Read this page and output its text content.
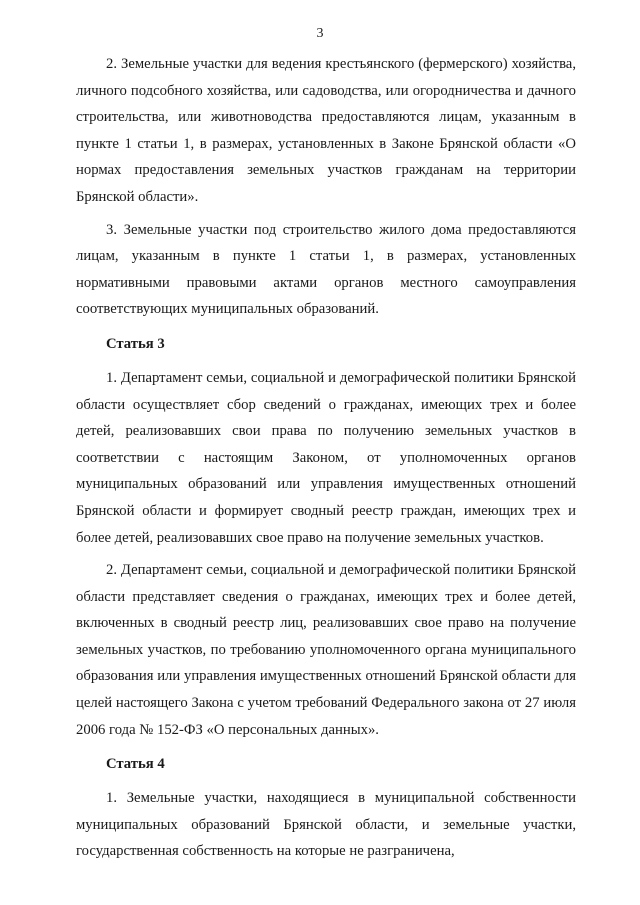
3

2. Земельные участки для ведения крестьянского (фермерского) хозяйства, личного подсобного хозяйства, или садоводства, или огородничества и дачного строительства, или животноводства предоставляются лицам, указанным в пункте 1 статьи 1, в размерах, установленных в Законе Брянской области «О нормах предоставления земельных участков гражданам на территории Брянской области».

3. Земельные участки под строительство жилого дома предоставляются лицам, указанным в пункте 1 статьи 1, в размерах, установленных нормативными правовыми актами органов местного самоуправления соответствующих муниципальных образований.

Статья 3

1. Департамент семьи, социальной и демографической политики Брянской области осуществляет сбор сведений о гражданах, имеющих трех и более детей, реализовавших свои права по получению земельных участков в соответствии с настоящим Законом, от уполномоченных органов муниципальных образований или управления имущественных отношений Брянской области и формирует сводный реестр граждан, имеющих трех и более детей, реализовавших свое право на получение земельных участков.

2. Департамент семьи, социальной и демографической политики Брянской области представляет сведения о гражданах, имеющих трех и более детей, включенных в сводный реестр лиц, реализовавших свое право на получение земельных участков, по требованию уполномоченного органа муниципального образования или управления имущественных отношений Брянской области для целей настоящего Закона с учетом требований Федерального закона от 27 июля 2006 года № 152-ФЗ «О персональных данных».

Статья 4

1. Земельные участки, находящиеся в муниципальной собственности муниципальных образований Брянской области, и земельные участки, государственная собственность на которые не разграничена,
